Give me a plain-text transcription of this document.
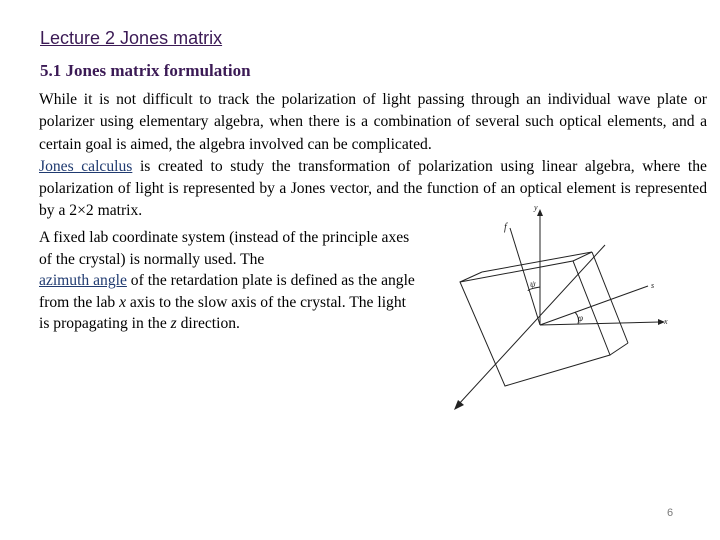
Lecture 2 Jones matrix
5.1 Jones matrix formulation
While it is not difficult to track the polarization of light passing through an individual wave plate or polarizer using elementary algebra, when there is a combination of several such optical elements, and a certain goal is aimed, the algebra involved can be complicated.
Jones calculus is created to study the transformation of polarization using linear algebra, where the polarization of light is represented by a Jones vector, and the function of an optical element is represented by a 2×2 matrix.
A fixed lab coordinate system (instead of the principle axes of the crystal) is normally used. The
azimuth angle of the retardation plate is defined as the angle from the lab x axis to the slow axis of the crystal. The light is propagating in the z direction.
f
y
s
x
ψ
φ
6
